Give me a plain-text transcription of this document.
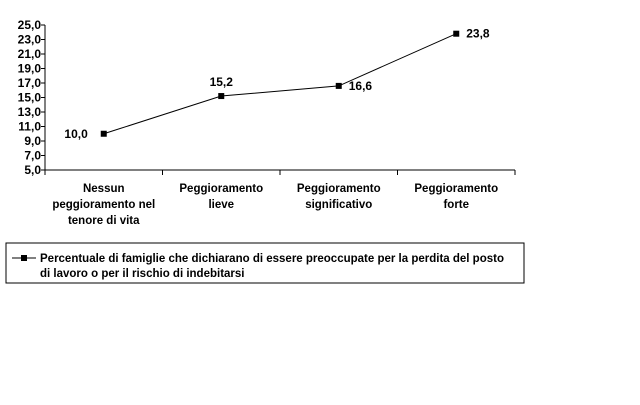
5,0
7,0
9,0
11,0
13,0
15,0
17,0
19,0
21,0
23,0
25,0
Nessun peggioramento nel tenore di vita
Peggioramento lieve
Peggioramento significativo
Peggioramento forte
10,0
15,2	16,6
23,8
Percentuale di famiglie che dichiarano di essere preoccupate per la perdita del posto di lavoro o per il rischio di indebitarsi
